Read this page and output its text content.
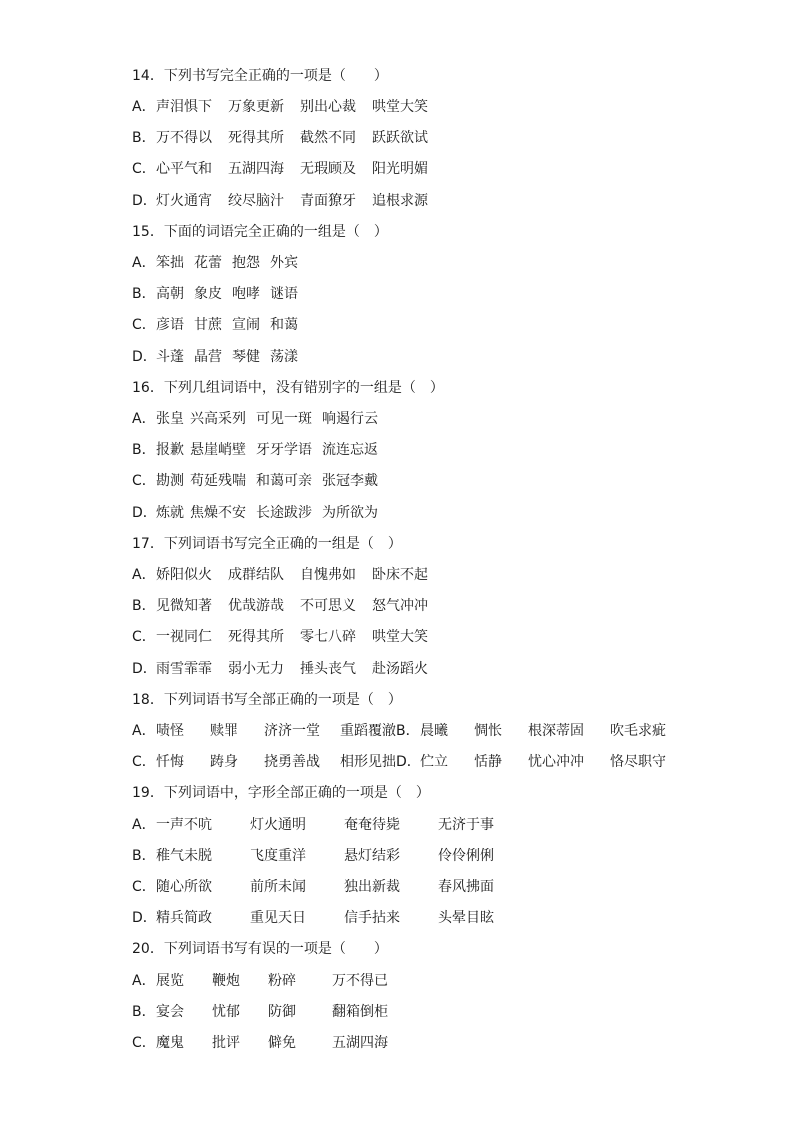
14．下列书写完全正确的一项是（　　）
A． 声泪惧下 万象更新 别出心裁 哄堂大笑
B． 万不得以 死得其所 截然不同 跃跃欲试
C． 心平气和 五湖四海 无瑕顾及 阳光明媚
D． 灯火通宵 绞尽脑汁 青面獠牙 追根求源
15．下面的词语完全正确的一组是（　）
A． 笨拙 花蕾 抱怨 外宾
B． 高朝 象皮 咆哮 谜语
C． 彦语 甘蔗 宣闹 和蔼
D． 斗蓬 晶营 琴健 荡漾
16．下列几组词语中，没有错别字的一组是（　）
A． 张皇 兴高采列 可见一斑 响遏行云
B． 报歉 悬崖峭壁 牙牙学语 流连忘返
C． 勘测 苟延残喘 和蔼可亲 张冠李戴
D． 炼就 焦燥不安 长途跋涉 为所欲为
17．下列词语书写完全正确的一组是（　）
A． 娇阳似火 成群结队 自愧弗如 卧床不起
B． 见微知著 优哉游哉 不可思义 怒气冲冲
C． 一视同仁 死得其所 零七八碎 哄堂大笑
D． 雨雪霏霏 弱小无力 捶头丧气 赴汤蹈火
18．下列词语书写全部正确的一项是（　）
A． 啧怪 赎罪 济济一堂 重蹈覆澈 B． 晨曦 惆怅 根深蒂固 吹毛求疵
C． 忏悔 踌身 挠勇善战 相形见拙 D． 伫立 恬静 忧心冲冲 恪尽职守
19．下列词语中，字形全部正确的一项是（　）
A． 一声不吭	灯火通明	奄奄待毙	无济于事
B． 稚气未脱	飞度重洋	悬灯结彩	伶伶俐俐
C． 随心所欲	前所未闻	独出新裁	春风拂面
D． 精兵简政	重见天日	信手拈来	头晕目眩
20．下列词语书写有误的一项是（　　）
A． 展览 鞭炮 粉碎	万不得已
B． 宴会 忧郁 防御	翻箱倒柜
C． 魔鬼 批评 僻免	五湖四海
